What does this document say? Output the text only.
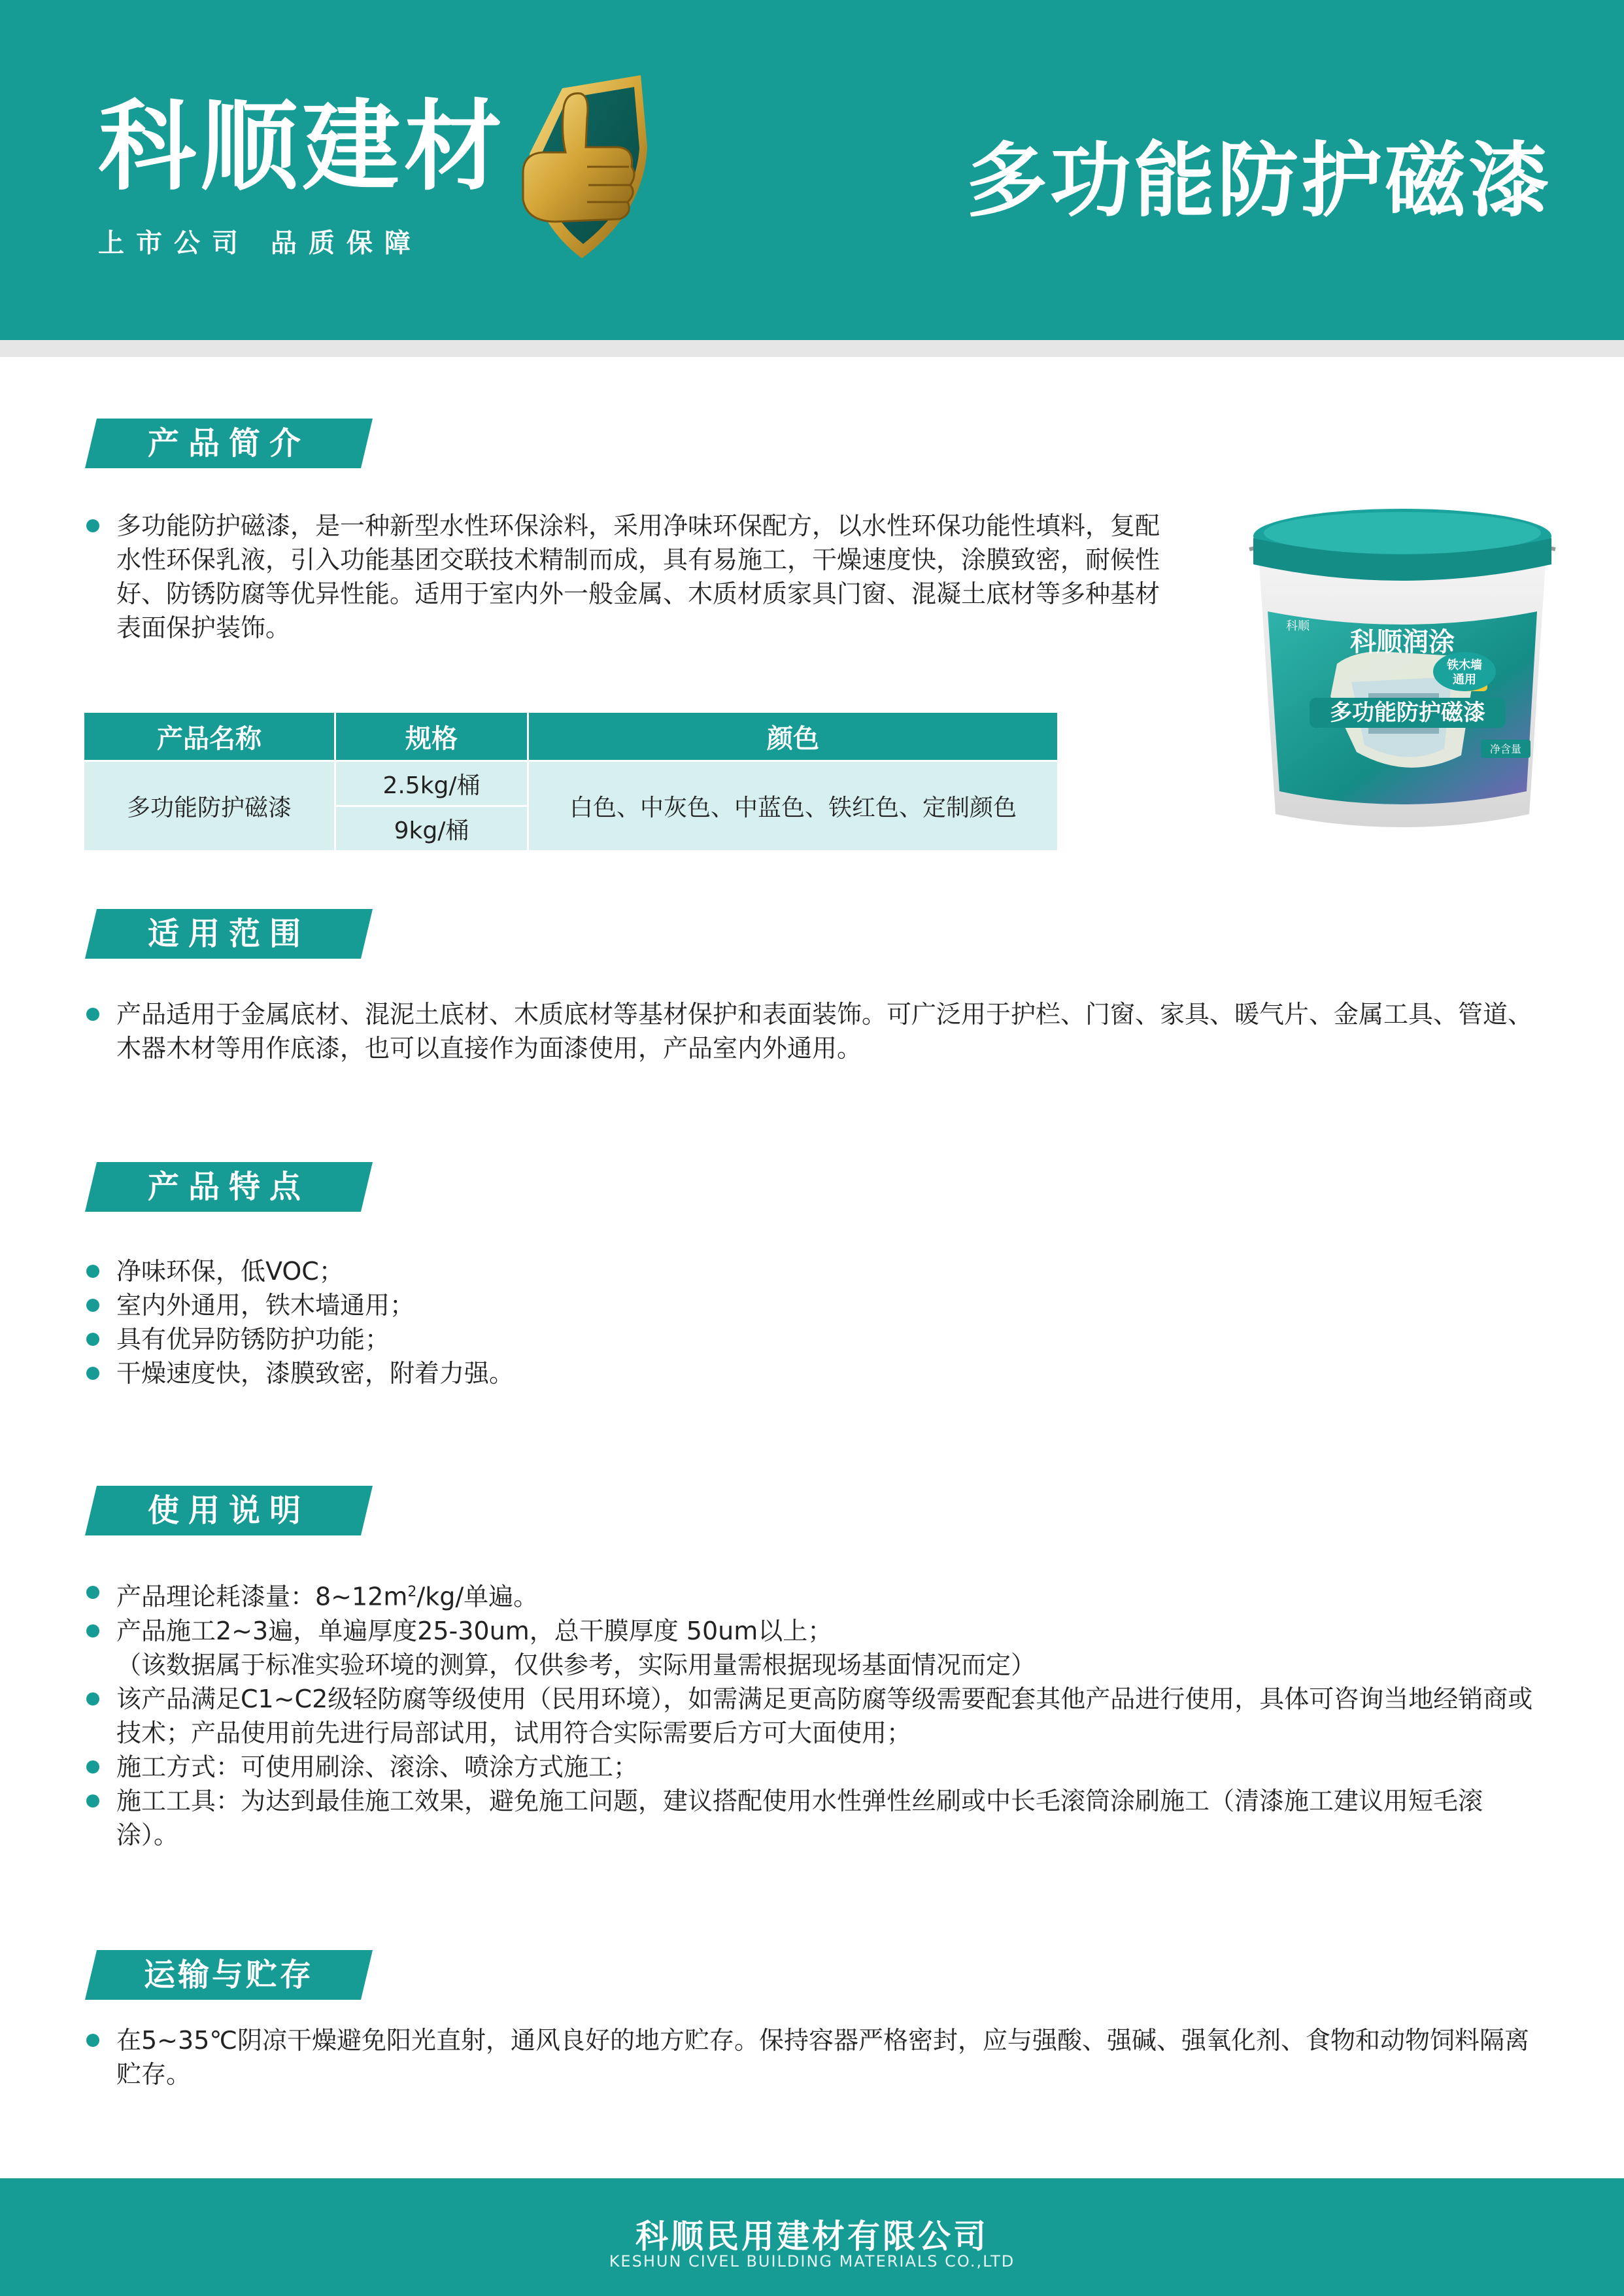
科顺建材
上市公司 品质保障
多功能防护磁漆
产品简介
多功能防护磁漆，是一种新型水性环保涂料，采用净味环保配方，以水性环保功能性填料，复配水性环保乳液，引入功能基团交联技术精制而成，具有易施工，干燥速度快，涂膜致密，耐候性好、防锈防腐等优异性能。适用于室内外一般金属、木质材质家具门窗、混凝土底材等多种基材表面保护装饰。
产品名称	规格	颜色
多功能防护磁漆	2.5kg/桶	白色、中灰色、中蓝色、铁红色、定制颜色
	9kg/桶	
科顺
科顺润涂
铁木墙
通用
多功能防护磁漆
净含量
适用范围
产品适用于金属底材、混泥土底材、木质底材等基材保护和表面装饰。可广泛用于护栏、门窗、家具、暖气片、金属工具、管道、木器木材等用作底漆，也可以直接作为面漆使用，产品室内外通用。
产品特点
净味环保，低VOC；
室内外通用，铁木墙通用；
具有优异防锈防护功能；
干燥速度快，漆膜致密，附着力强。
使用说明
产品理论耗漆量：$8\sim 12m^2/kg/$单遍。
产品施工2~3遍，单遍厚度25-30um，总干膜厚度 50um以上；
（该数据属于标准实验环境的测算，仅供参考，实际用量需根据现场基面情况而定）
该产品满足C1~C2级轻防腐等级使用（民用环境），如需满足更高防腐等级需要配套其他产品进行使用，具体可咨询当地经销商或技术；产品使用前先进行局部试用，试用符合实际需要后方可大面使用；
施工方式：可使用刷涂、滚涂、喷涂方式施工；
施工工具：为达到最佳施工效果，避免施工问题，建议搭配使用水性弹性丝刷或中长毛滚筒涂刷施工（清漆施工建议用短毛滚涂）。
运输与贮存
在5~35℃阴凉干燥避免阳光直射，通风良好的地方贮存。保持容器严格密封，应与强酸、强碱、强氧化剂、食物和动物饲料隔离贮存。
科顺民用建材有限公司
KESHUN CIVEL BUILDING MATERIALS CO.,LTD
